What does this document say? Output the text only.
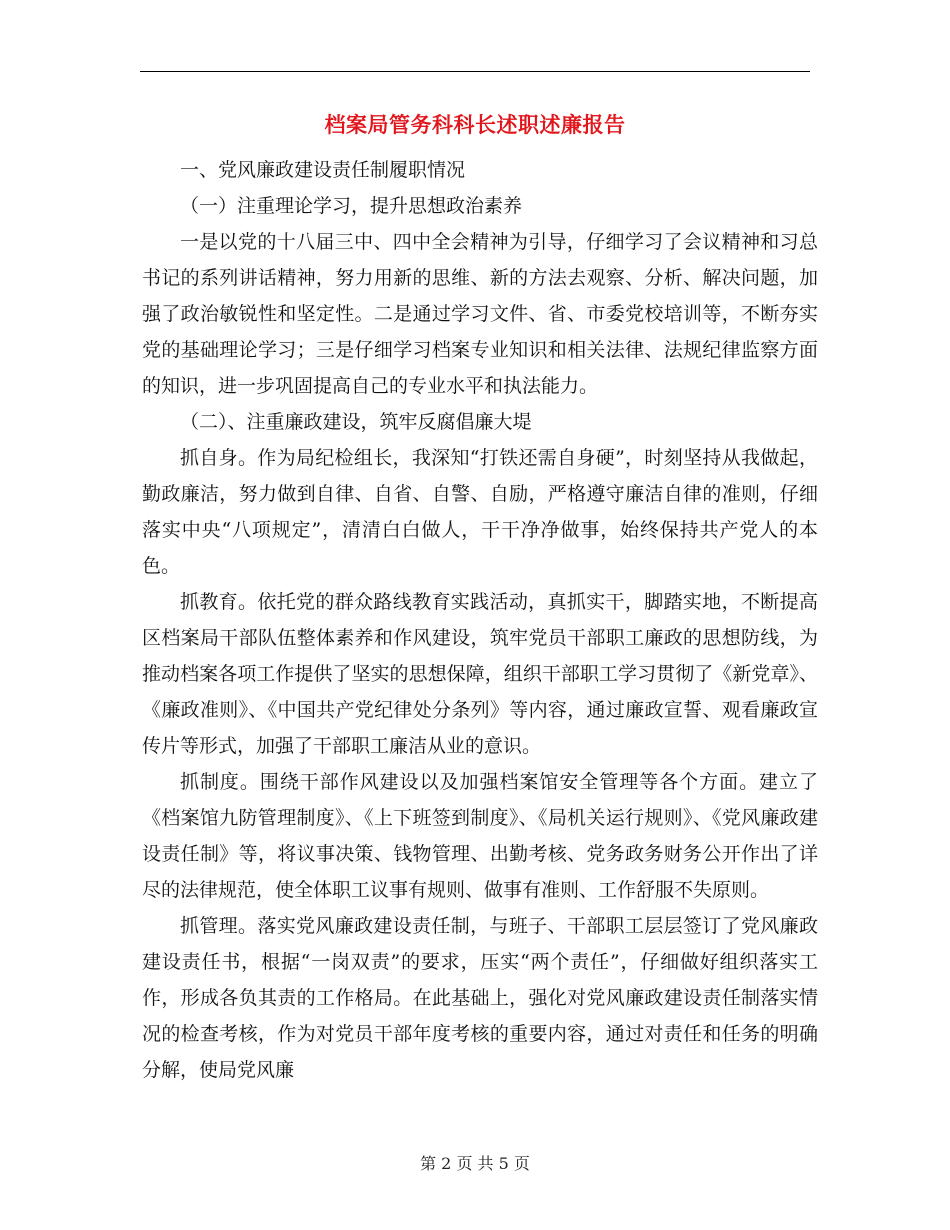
档案局管务科科长述职述廉报告

一、党风廉政建设责任制履职情况

（一）注重理论学习，提升思想政治素养

一是以党的十八届三中、四中全会精神为引导，仔细学习了会议精神和习总书记的系列讲话精神，努力用新的思维、新的方法去观察、分析、解决问题，加强了政治敏锐性和坚定性。二是通过学习文件、省、市委党校培训等，不断夯实党的基础理论学习；三是仔细学习档案专业知识和相关法律、法规纪律监察方面的知识，进一步巩固提高自己的专业水平和执法能力。

（二）、注重廉政建设，筑牢反腐倡廉大堤

抓自身。作为局纪检组长，我深知“打铁还需自身硬”，时刻坚持从我做起，勤政廉洁，努力做到自律、自省、自警、自励，严格遵守廉洁自律的准则，仔细落实中央“八项规定”，清清白白做人，干干净净做事，始终保持共产党人的本色。

抓教育。依托党的群众路线教育实践活动，真抓实干，脚踏实地，不断提高区档案局干部队伍整体素养和作风建设，筑牢党员干部职工廉政的思想防线，为推动档案各项工作提供了坚实的思想保障，组织干部职工学习贯彻了《新党章》、《廉政准则》、《中国共产党纪律处分条列》等内容，通过廉政宣誓、观看廉政宣传片等形式，加强了干部职工廉洁从业的意识。

抓制度。围绕干部作风建设以及加强档案馆安全管理等各个方面。建立了《档案馆九防管理制度》、《上下班签到制度》、《局机关运行规则》、《党风廉政建设责任制》等，将议事决策、钱物管理、出勤考核、党务政务财务公开作出了详尽的法律规范，使全体职工议事有规则、做事有准则、工作舒服不失原则。

抓管理。落实党风廉政建设责任制，与班子、干部职工层层签订了党风廉政建设责任书，根据“一岗双责”的要求，压实“两个责任”，仔细做好组织落实工作，形成各负其责的工作格局。在此基础上，强化对党风廉政建设责任制落实情况的检查考核，作为对党员干部年度考核的重要内容，通过对责任和任务的明确分解，使局党风廉

第 2 页 共 5 页
